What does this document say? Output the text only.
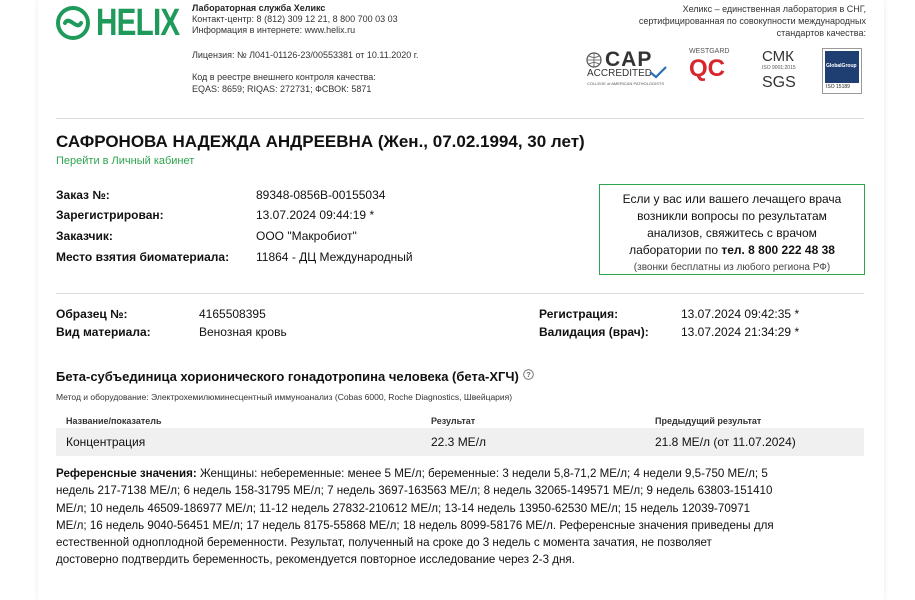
HELIX Лабораторная служба Хеликс
Контакт-центр: 8 (812) 309 12 21, 8 800 700 03 03
Информация в интернете: www.helix.ru
Лицензия: № Л041-01126-23/00553381 от 10.11.2020 г.
Код в реестре внешнего контроля качества:
EQAS: 8659; RIQAS: 272731; ФСВОК: 5871
Хеликс – единственная лаборатория в СНГ,
сертифицированная по совокупности международных
стандартов качества:
CAP
ACCREDITED
COLLEGE of AMERICAN PATHOLOGISTS
WESTGARD
QC СМК
ISO 9001:2015
SGS
GlobalGroup
ISO 15189
САФРОНОВА НАДЕЖДА АНДРЕЕВНА (Жен., 07.02.1994, 30 лет)
Перейти в Личный кабинет
Заказ №:	89348-0856B-00155034
Зарегистрирован:	13.07.2024 09:44:19 *
Заказчик:	ООО "Макробиот"
Место взятия биоматериала: 11864 - ДЦ Международный
Если у вас или вашего лечащего врача
возникли вопросы по результатам
анализов, свяжитесь с врачом
лаборатории по тел. 8 800 222 48 38
(звонки бесплатны из любого региона РФ)
Образец №:	4165508395
Вид материала:	Венозная кровь
Регистрация:	13.07.2024 09:42:35 *
Валидация (врач):	13.07.2024 21:34:29 *
Бета-субъединица хорионического гонадотропина человека (бета-ХГЧ) ?
Метод и оборудование: Электрохемилюминесцентный иммуноанализ (Cobas 6000, Roche Diagnostics, Швейцария)
Название/показатель	Результат	Предыдущий результат
Концентрация	22.3 МЕ/л	21.8 МЕ/л (от 11.07.2024)
Референсные значения: Женщины: небеременные: менее 5 МЕ/л; беременные: 3 недели 5,8-71,2 МЕ/л; 4 недели 9,5-750 МЕ/л; 5
недель 217-7138 МЕ/л; 6 недель 158-31795 МЕ/л; 7 недель 3697-163563 МЕ/л; 8 недель 32065-149571 МЕ/л; 9 недель 63803-151410
МЕ/л; 10 недель 46509-186977 МЕ/л; 11-12 недель 27832-210612 МЕ/л; 13-14 недель 13950-62530 МЕ/л; 15 недель 12039-70971
МЕ/л; 16 недель 9040-56451 МЕ/л; 17 недель 8175-55868 МЕ/л; 18 недель 8099-58176 МЕ/л. Референсные значения приведены для
естественной одноплодной беременности. Результат, полученный на сроке до 3 недель с момента зачатия, не позволяет
достоверно подтвердить беременность, рекомендуется повторное исследование через 2-3 дня.
